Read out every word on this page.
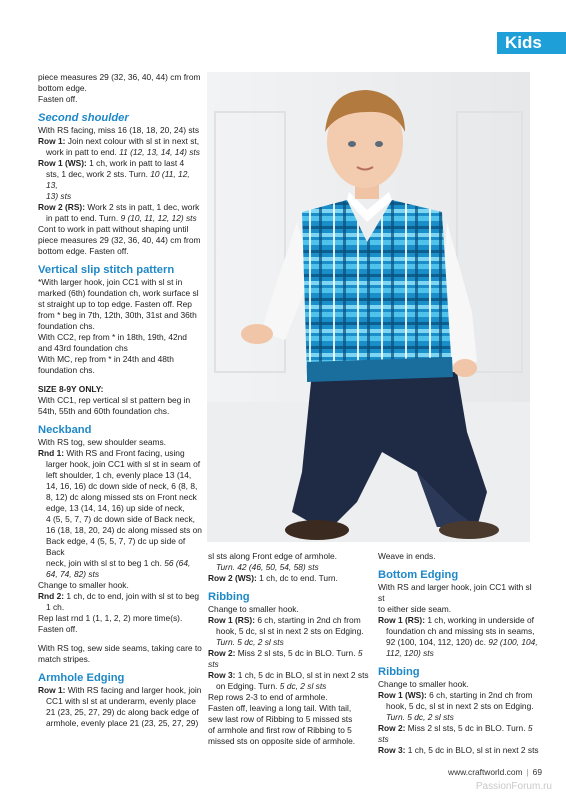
Kids

piece measures 29 (32, 36, 40, 44) cm from

bottom edge.

Fasten off.

Second shoulder

With RS facing, miss 16 (18, 18, 20, 24) sts

Row 1: Join next colour with sl st in next st,

work in patt to end. 11 (12, 13, 14, 14) sts

Row 1 (WS): 1 ch, work in patt to last 4

sts, 1 dec, work 2 sts. Turn. 10 (11, 12, 13,

13) sts

Row 2 (RS): Work 2 sts in patt, 1 dec, work

in patt to end. Turn. 9 (10, 11, 12, 12) sts

Cont to work in patt without shaping until

piece measures 29 (32, 36, 40, 44) cm from

bottom edge. Fasten off.

Vertical slip stitch pattern

*With larger hook, join CC1 with sl st in

marked (6th) foundation ch, work surface sl

st straight up to top edge. Fasten off. Rep

from * beg in 7th, 12th, 30th, 31st and 36th

foundation chs.

With CC2, rep from * in 18th, 19th, 42nd

and 43rd foundation chs

With MC, rep from * in 24th and 48th

foundation chs.

SIZE 8-9Y ONLY:

With CC1, rep vertical sl st pattern beg in

54th, 55th and 60th foundation chs.

Neckband

With RS tog, sew shoulder seams.

Rnd 1: With RS and Front facing, using

larger hook, join CC1 with sl st in seam of

left shoulder, 1 ch, evenly place 13 (14,

14, 16, 16) dc down side of neck, 6 (8, 8,

8, 12) dc along missed sts on Front neck

edge, 13 (14, 14, 16) up side of neck,

4 (5, 5, 7, 7) dc down side of Back neck,

16 (18, 18, 20, 24) dc along missed sts on

Back edge, 4 (5, 5, 7, 7) dc up side of Back

neck, join with sl st to beg 1 ch. 56 (64,

64, 74, 82) sts

Change to smaller hook.

Rnd 2: 1 ch, dc to end, join with sl st to beg

1 ch.

Rep last rnd 1 (1, 1, 2, 2) more time(s).

Fasten off.

With RS tog, sew side seams, taking care to

match stripes.

Armhole Edging

Row 1: With RS facing and larger hook, join

CC1 with sl st at underarm, evenly place

21 (23, 25, 27, 29) dc along back edge of

armhole, evenly place 21 (23, 25, 27, 29)

sl sts along Front edge of armhole.

Turn. 42 (46, 50, 54, 58) sts

Row 2 (WS): 1 ch, dc to end. Turn.

Ribbing

Change to smaller hook.

Row 1 (RS): 6 ch, starting in 2nd ch from

hook, 5 dc, sl st in next 2 sts on Edging.

Turn. 5 dc, 2 sl sts

Row 2: Miss 2 sl sts, 5 dc in BLO. Turn. 5 sts

Row 3: 1 ch, 5 dc in BLO, sl st in next 2 sts

on Edging. Turn. 5 dc, 2 sl sts

Rep rows 2-3 to end of armhole.

Fasten off, leaving a long tail. With tail,

sew last row of Ribbing to 5 missed sts

of armhole and first row of Ribbing to 5

missed sts on opposite side of armhole.

Weave in ends.

Bottom Edging

With RS and larger hook, join CC1 with sl st

to either side seam.

Row 1 (RS): 1 ch, working in underside of

foundation ch and missing sts in seams,

92 (100, 104, 112, 120) dc. 92 (100, 104,

112, 120) sts

Ribbing

Change to smaller hook.

Row 1 (WS): 6 ch, starting in 2nd ch from

hook, 5 dc, sl st in next 2 sts on Edging.

Turn. 5 dc, 2 sl sts

Row 2: Miss 2 sl sts, 5 dc in BLO. Turn. 5 sts

Row 3: 1 ch, 5 dc in BLO, sl st in next 2 sts

www.craftworld.com | 69
PassionForum.ru
